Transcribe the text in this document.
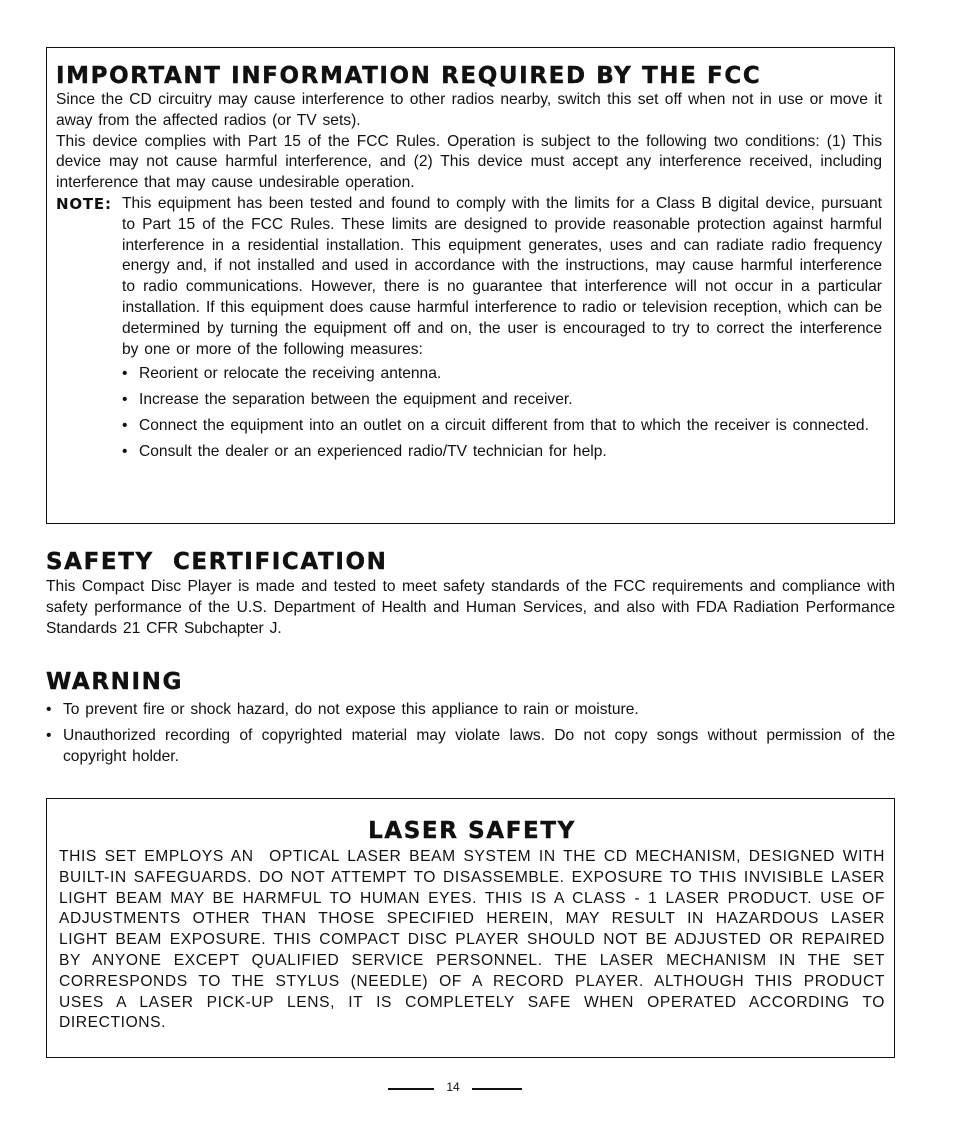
IMPORTANT INFORMATION REQUIRED BY THE FCC

Since the CD circuitry may cause interference to other radios nearby, switch this set off when not in use or move it away from the affected radios (or TV sets).

This device complies with Part 15 of the FCC Rules. Operation is subject to the following two conditions: (1) This device may not cause harmful interference, and (2) This device must accept any interference received, including interference that may cause undesirable operation.

NOTE: This equipment has been tested and found to comply with the limits for a Class B digital device, pursuant to Part 15 of the FCC Rules. These limits are designed to provide reasonable protection against harmful interference in a residential installation. This equipment generates, uses and can radiate radio frequency energy and, if not installed and used in accordance with the instructions, may cause harmful interference to radio communications. However, there is no guarantee that interference will not occur in a particular installation. If this equipment does cause harmful interference to radio or television reception, which can be determined by turning the equipment off and on, the user is encouraged to try to correct the interference by one or more of the following measures:

• Reorient or relocate the receiving antenna.
• Increase the separation between the equipment and receiver.
• Connect the equipment into an outlet on a circuit different from that to which the receiver is connected.
• Consult the dealer or an experienced radio/TV technician for help.
SAFETY  CERTIFICATION

This Compact Disc Player is made and tested to meet safety standards of the FCC requirements and compliance with safety performance of the U.S. Department of Health and Human Services, and also with FDA Radiation Performance Standards 21 CFR Subchapter J.

WARNING
• To prevent fire or shock hazard, do not expose this appliance to rain or moisture.
• Unauthorized recording of copyrighted material may violate laws. Do not copy songs without permission of the copyright holder.
LASER SAFETY

THIS SET EMPLOYS AN  OPTICAL LASER BEAM SYSTEM IN THE CD MECHANISM, DESIGNED WITH BUILT-IN SAFEGUARDS. DO NOT ATTEMPT TO DISASSEMBLE. EXPOSURE TO THIS INVISIBLE LASER LIGHT BEAM MAY BE HARMFUL TO HUMAN EYES. THIS IS A CLASS - 1 LASER PRODUCT. USE OF ADJUSTMENTS OTHER THAN THOSE SPECIFIED HEREIN, MAY RESULT IN HAZARDOUS LASER LIGHT BEAM EXPOSURE. THIS COMPACT DISC PLAYER SHOULD NOT BE ADJUSTED OR REPAIRED BY ANYONE EXCEPT QUALIFIED SERVICE PERSONNEL. THE LASER MECHANISM IN THE SET CORRESPONDS TO THE STYLUS (NEEDLE) OF A RECORD PLAYER. ALTHOUGH THIS PRODUCT USES A LASER PICK-UP LENS, IT IS COMPLETELY SAFE WHEN OPERATED ACCORDING TO DIRECTIONS.

14
